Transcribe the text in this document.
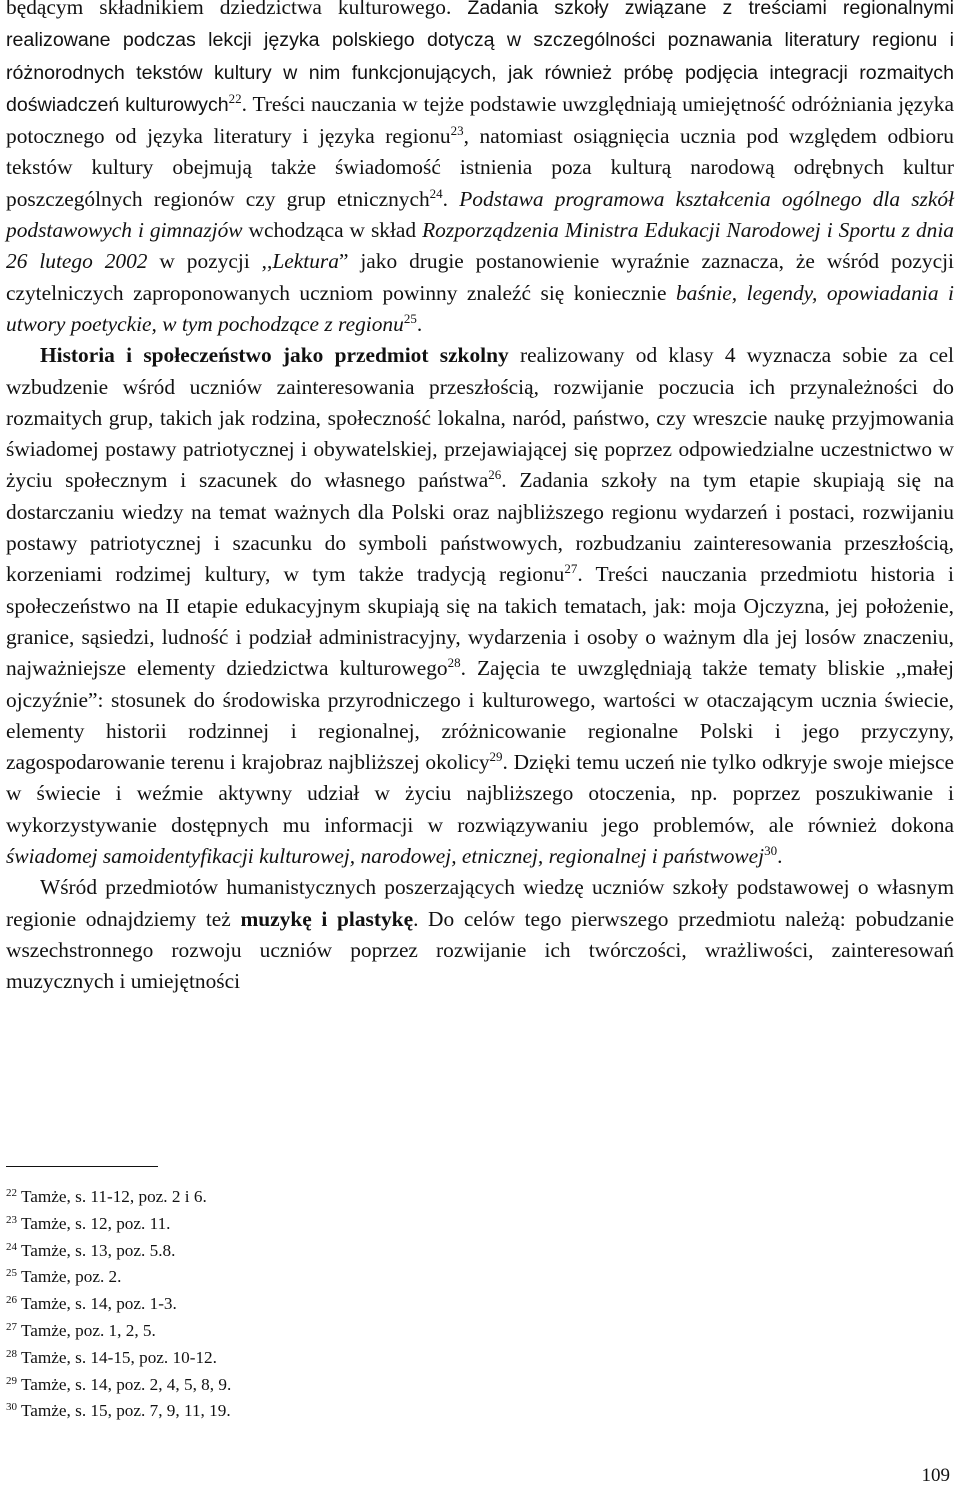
będącym składnikiem dziedzictwa kulturowego. Zadania szkoły związane z treściami regionalnymi realizowane podczas lekcji języka polskiego dotyczą w szczególności poznawania literatury regionu i różnorodnych tekstów kultury w nim funkcjonujących, jak również próbę podjęcia integracji rozmaitych doświadczeń kulturowych$^{22}$. Treści nauczania w tejże podstawie uwzględniają umiejętność odróżniania języka potocznego od języka literatury i języka regionu$^{23}$, natomiast osiągnięcia ucznia pod względem odbioru tekstów kultury obejmują także świadomość istnienia poza kulturą narodową odrębnych kultur poszczególnych regionów czy grup etnicznych$^{24}$. Podstawa programowa kształcenia ogólnego dla szkół podstawowych i gimnazjów wchodząca w skład Rozporządzenia Ministra Edukacji Narodowej i Sportu z dnia 26 lutego 2002 w pozycji ,,Lektura” jako drugie postanowienie wyraźnie zaznacza, że wśród pozycji czytelniczych zaproponowanych uczniom powinny znaleźć się koniecznie baśnie, legendy, opowiadania i utwory poetyckie, w tym pochodzące z regionu$^{25}$.

Historia i społeczeństwo jako przedmiot szkolny realizowany od klasy 4 wyznacza sobie za cel wzbudzenie wśród uczniów zainteresowania przeszłością, rozwijanie poczucia ich przynależności do rozmaitych grup, takich jak rodzina, społeczność lokalna, naród, państwo, czy wreszcie naukę przyjmowania świadomej postawy patriotycznej i obywatelskiej, przejawiającej się poprzez odpowiedzialne uczestnictwo w życiu społecznym i szacunek do własnego państwa$^{26}$. Zadania szkoły na tym etapie skupiają się na dostarczaniu wiedzy na temat ważnych dla Polski oraz najbliższego regionu wydarzeń i postaci, rozwijaniu postawy patriotycznej i szacunku do symboli państwowych, rozbudzaniu zainteresowania przeszłością, korzeniami rodzimej kultury, w tym także tradycją regionu$^{27}$. Treści nauczania przedmiotu historia i społeczeństwo na II etapie edukacyjnym skupiają się na takich tematach, jak: moja Ojczyzna, jej położenie, granice, sąsiedzi, ludność i podział administracyjny, wydarzenia i osoby o ważnym dla jej losów znaczeniu, najważniejsze elementy dziedzictwa kulturowego$^{28}$. Zajęcia te uwzględniają także tematy bliskie ,,małej ojczyźnie”: stosunek do środowiska przyrodniczego i kulturowego, wartości w otaczającym ucznia świecie, elementy historii rodzinnej i regionalnej, zróżnicowanie regionalne Polski i jego przyczyny, zagospodarowanie terenu i krajobraz najbliższej okolicy$^{29}$. Dzięki temu uczeń nie tylko odkryje swoje miejsce w świecie i weźmie aktywny udział w życiu najbliższego otoczenia, np. poprzez poszukiwanie i wykorzystywanie dostępnych mu informacji w rozwiązywaniu jego problemów, ale również dokona świadomej samoidentyfikacji kulturowej, narodowej, etnicznej, regionalnej i państwowej$^{30}$.

Wśród przedmiotów humanistycznych poszerzających wiedzę uczniów szkoły podstawowej o własnym regionie odnajdziemy też muzykę i plastykę. Do celów tego pierwszego przedmiotu należą: pobudzanie wszechstronnego rozwoju uczniów poprzez rozwijanie ich twórczości, wrażliwości, zainteresowań muzycznych i umiejętności

$^{22}$ Tamże, s. 11-12, poz. 2 i 6.
$^{23}$ Tamże, s. 12, poz. 11.
$^{24}$ Tamże, s. 13, poz. 5.8.
$^{25}$ Tamże, poz. 2.
$^{26}$ Tamże, s. 14, poz. 1-3.
$^{27}$ Tamże, poz. 1, 2, 5.
$^{28}$ Tamże, s. 14-15, poz. 10-12.
$^{29}$ Tamże, s. 14, poz. 2, 4, 5, 8, 9.
$^{30}$ Tamże, s. 15, poz. 7, 9, 11, 19.
109
